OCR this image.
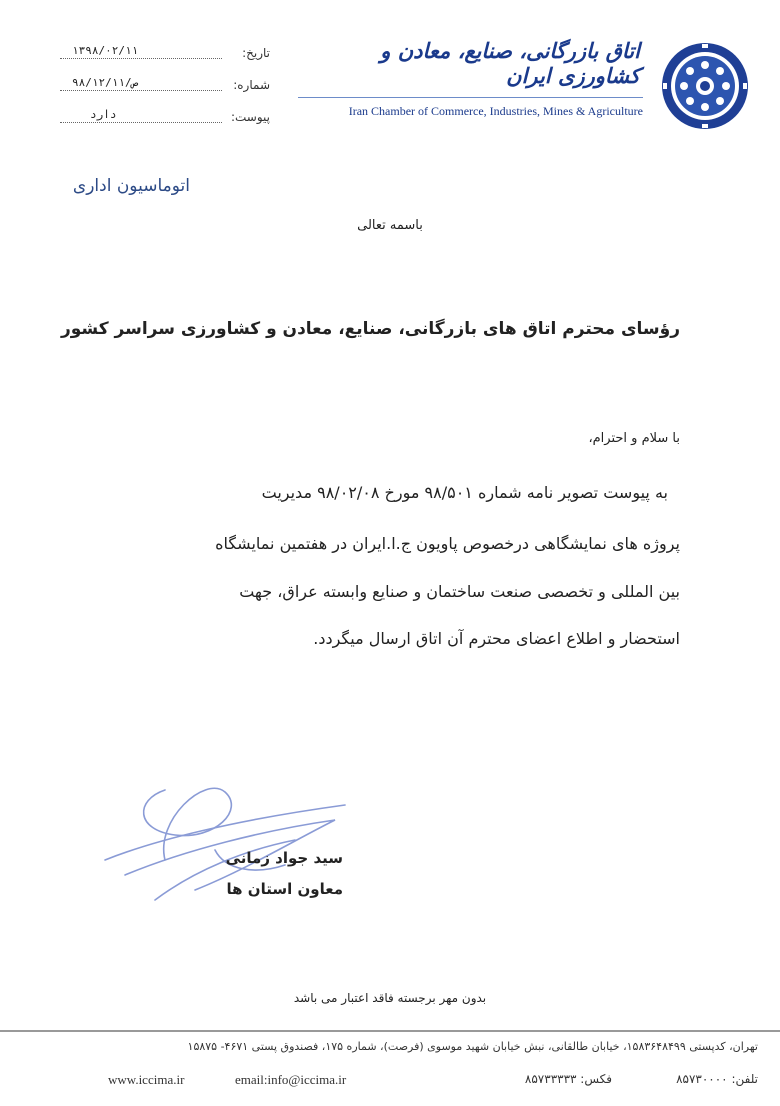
اتاق بازرگانی، صنایع، معادن و کشاورزی ایران
Iran Chamber of Commerce, Industries, Mines & Agriculture
تاریخ:
۱۳۹۸/۰۲/۱۱
شماره:
۹۸/۱۲/۱۱/ص
پیوست:
دارد
اتوماسیون اداری
باسمه تعالی
رؤسای محترم اتاق های بازرگانی، صنایع، معادن و کشاورزی سراسر کشور
با سلام و احترام،
به پیوست تصویر نامه شماره ۹۸/۵۰۱ مورخ ۹۸/۰۲/۰۸ مدیریت
پروژه های نمایشگاهی درخصوص پاویون ج.ا.ایران در هفتمین نمایشگاه
بین المللی و تخصصی صنعت ساختمان و صنایع وابسته عراق، جهت
استحضار و اطلاع اعضای محترم آن اتاق ارسال میگردد.
سید جواد زمانی
معاون استان ها
بدون مهر برجسته فاقد اعتبار می باشد
تهران، کدپستی ۱۵۸۳۶۴۸۴۹۹، خیابان طالقانی، نبش خیابان شهید موسوی (فرصت)، شماره ۱۷۵، فصندوق پستی ۴۶۷۱- ۱۵۸۷۵
تلفن: ۸۵۷۳۰۰۰۰
فکس: ۸۵۷۳۳۳۳۳
email:info@iccima.ir
www.iccima.ir
